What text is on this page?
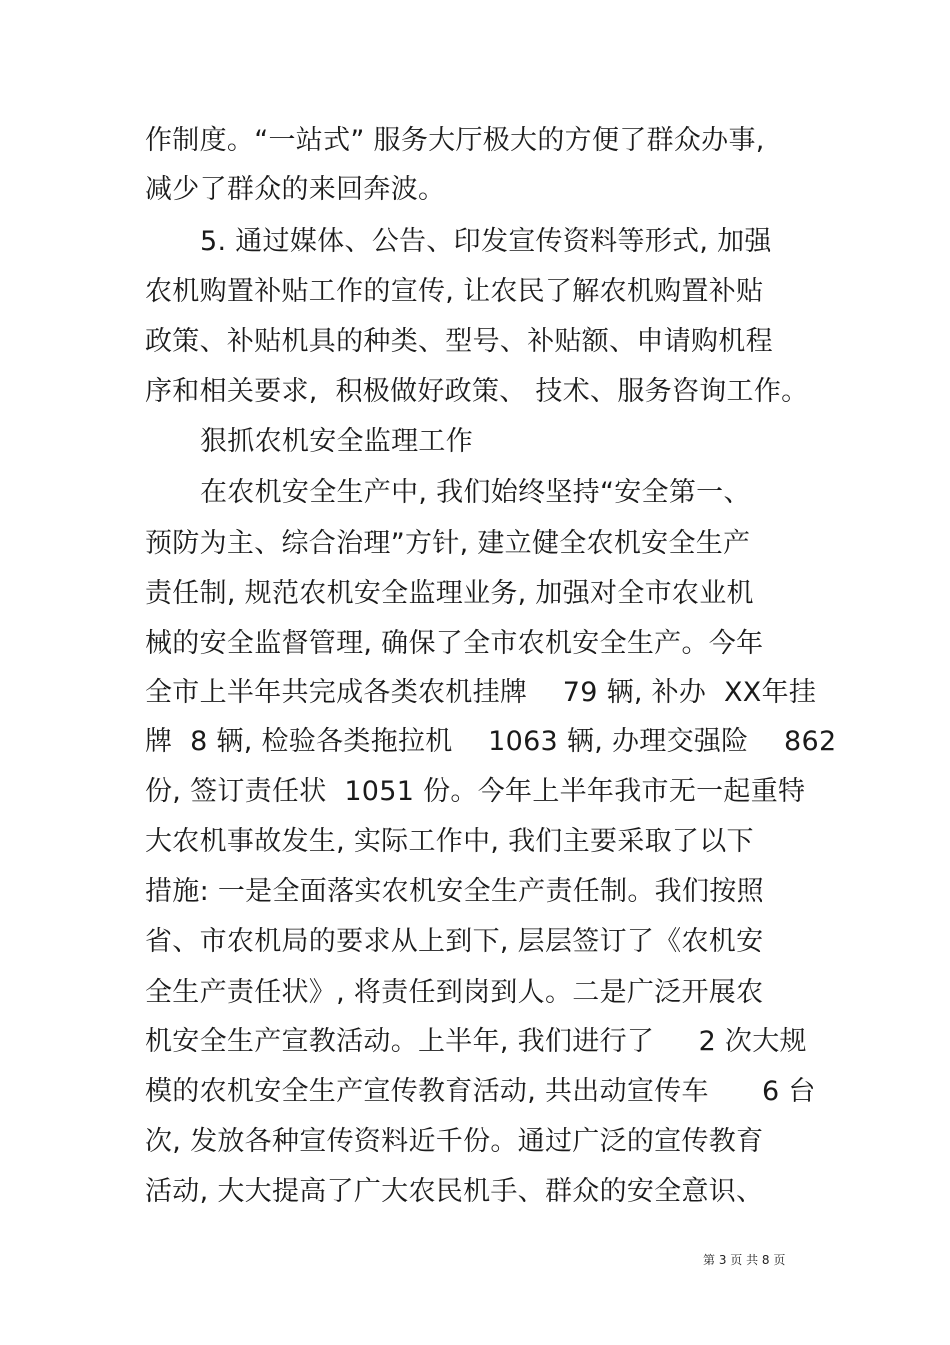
作制度。“一站式” 服务大厅极大的方便了群众办事,
减少了群众的来回奔波。
5. 通过媒体、公告、印发宣传资料等形式, 加强
农机购置补贴工作的宣传, 让农民了解农机购置补贴
政策、补贴机具的种类、型号、补贴额、申请购机程
序和相关要求,  积极做好政策、 技术、服务咨询工作。
狠抓农机安全监理工作
在农机安全生产中, 我们始终坚持“安全第一、
预防为主、综合治理”方针, 建立健全农机安全生产
责任制, 规范农机安全监理业务, 加强对全市农业机
械的安全监督管理, 确保了全市农机安全生产。今年
全市上半年共完成各类农机挂牌    79 辆, 补办  XX年挂
牌  8 辆, 检验各类拖拉机    1063 辆, 办理交强险    862
份, 签订责任状  1051 份。今年上半年我市无一起重特
大农机事故发生, 实际工作中, 我们主要采取了以下
措施: 一是全面落实农机安全生产责任制。我们按照
省、市农机局的要求从上到下, 层层签订了《农机安
全生产责任状》, 将责任到岗到人。二是广泛开展农
机安全生产宣教活动。上半年, 我们进行了     2 次大规
模的农机安全生产宣传教育活动, 共出动宣传车      6 台
次, 发放各种宣传资料近千份。通过广泛的宣传教育
活动, 大大提高了广大农民机手、群众的安全意识、
第 3 页 共 8 页
